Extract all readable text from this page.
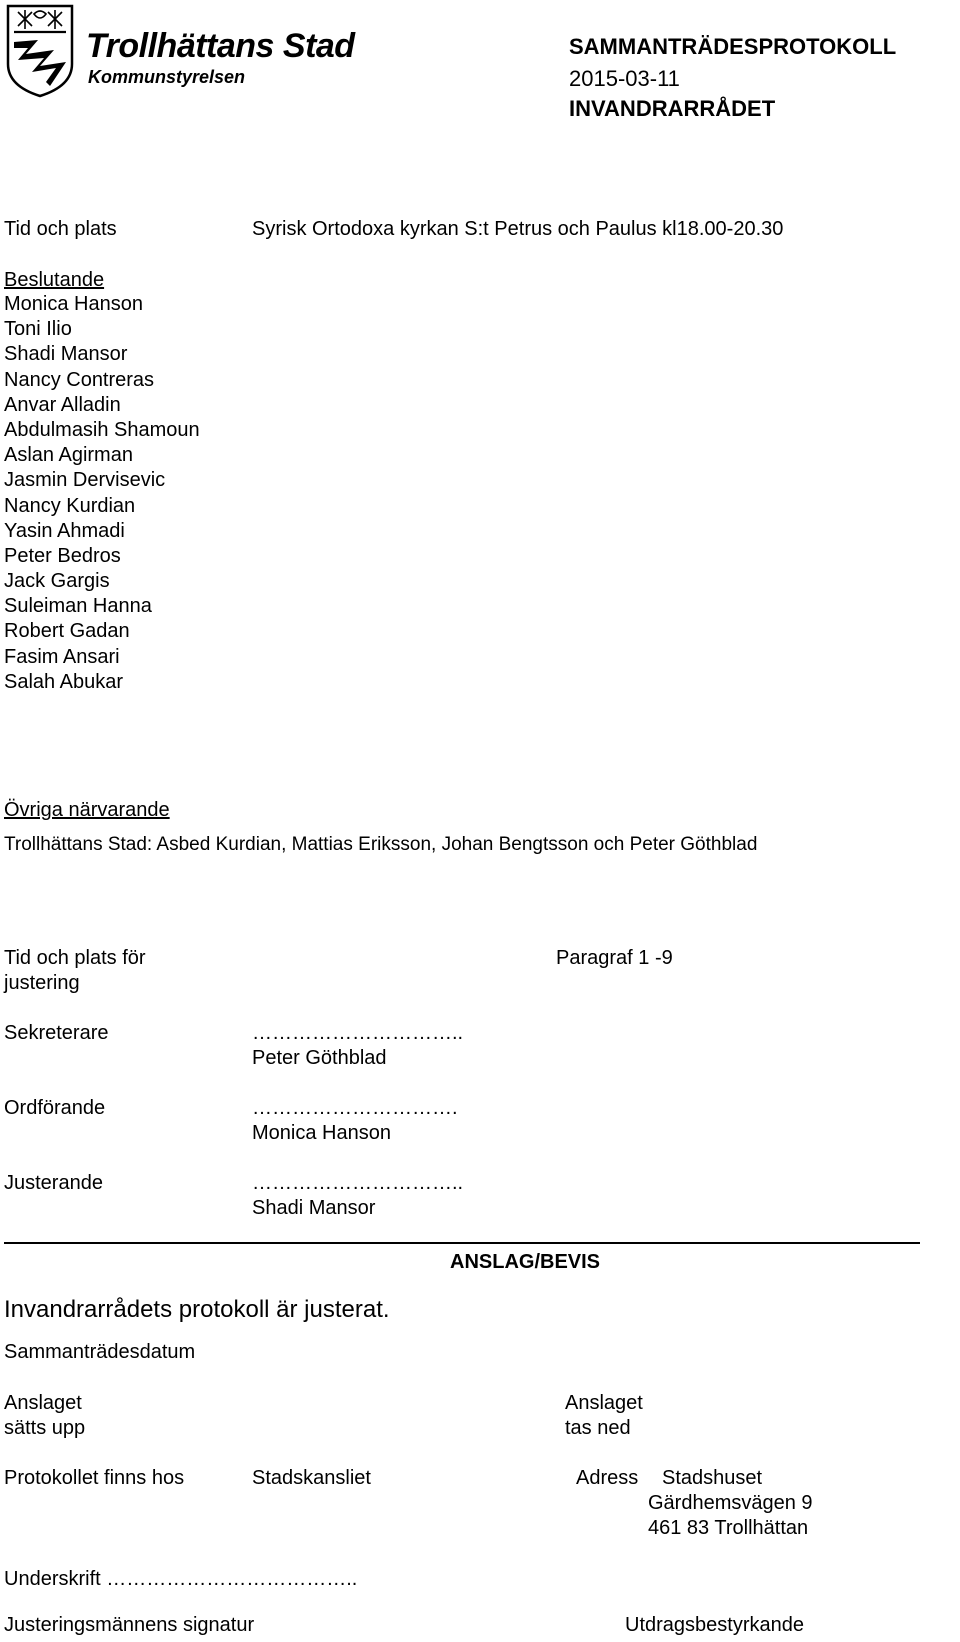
Trollhättans Stad
Kommunstyrelsen
SAMMANTRÄDESPROTOKOLL
2015-03-11
INVANDRARRÅDET
Tid och plats	Syrisk Ortodoxa kyrkan S:t Petrus och Paulus kl18.00-20.30
Beslutande
Monica Hanson
Toni Ilio
Shadi Mansor
Nancy Contreras
Anvar Alladin
Abdulmasih Shamoun
Aslan Agirman
Jasmin Dervisevic
Nancy Kurdian
Yasin Ahmadi
Peter Bedros
Jack Gargis
Suleiman Hanna
Robert Gadan
Fasim Ansari
Salah Abukar
Övriga närvarande
Trollhättans Stad: Asbed Kurdian, Mattias Eriksson, Johan Bengtsson och Peter Göthblad
Tid och plats för
justering
Paragraf 1 -9
Sekreterare	…………………………..
Peter Göthblad
Ordförande	………………………….
Monica Hanson
Justerande	…………………………..
Shadi Mansor
ANSLAG/BEVIS
Invandrarrådets protokoll är justerat.
Sammanträdesdatum
Anslaget
sätts upp
Anslaget
tas ned
Protokollet finns hos	Stadskansliet	Adress Stadshuset
Gärdhemsvägen 9
461 83 Trollhättan
Underskrift ………………………………..
Justeringsmännens signatur	Utdragsbestyrkande
